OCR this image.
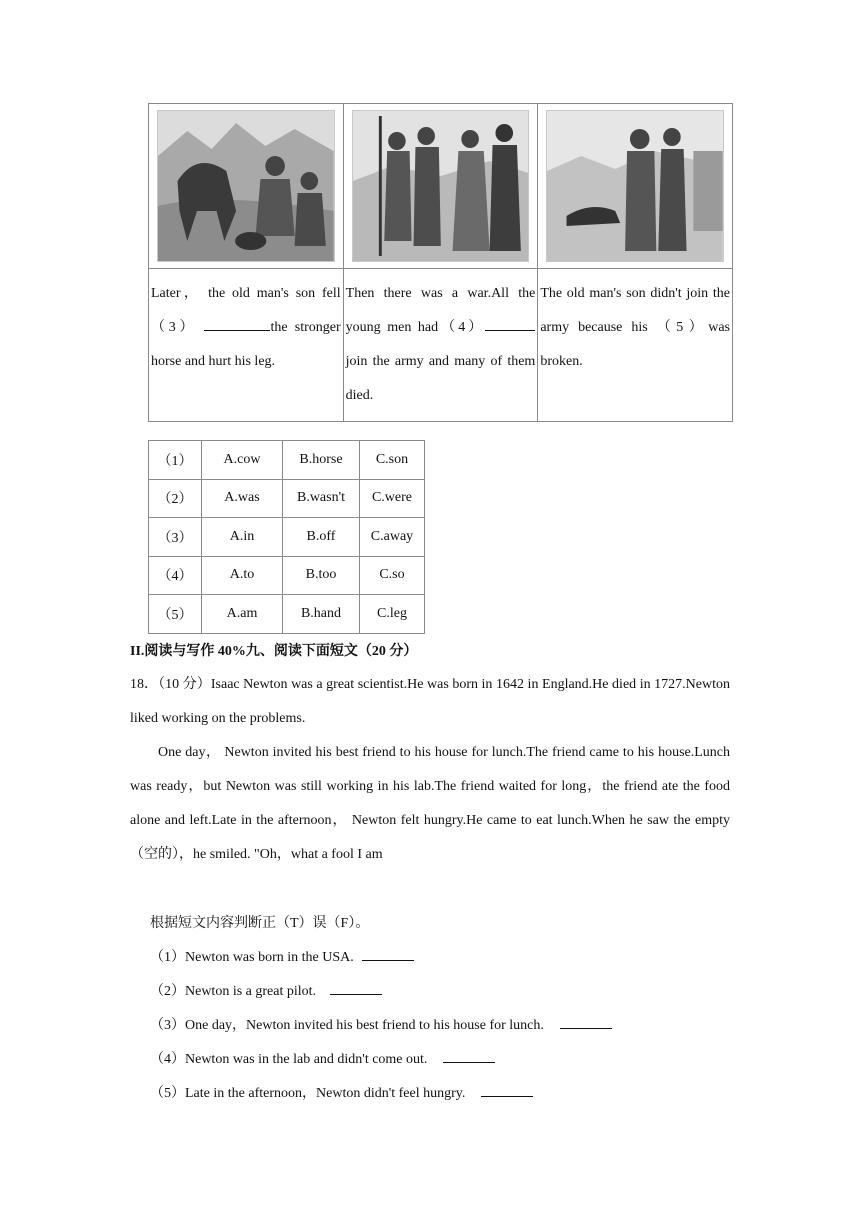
Later， the old man's son fell（3） the stronger horse and hurt his leg.	Then there was a war.All the young men had（4）join the army and many of them died.	The old man's son didn't join the army because his （5）was broken.
（1）	A.cow	B.horse	C.son
（2）	A.was	B.wasn't	C.were
（3）	A.in	B.off	C.away
（4）	A.to	B.too	C.so
（5）	A.am	B.hand	C.leg
II.阅读与写作 40%九、阅读下面短文（20 分）
18．（10 分）Isaac Newton was a great scientist.He was born in 1642 in England.He died in 1727.Newton liked working on the problems.
One day， Newton invited his best friend to his house for lunch.The friend came to his house.Lunch was ready，but Newton was still working in his lab.The friend waited for long，the friend ate the food alone and left.Late in the afternoon， Newton felt hungry.He came to eat lunch.When he saw the empty （空的），he smiled. "Oh，what a fool I am
根据短文内容判断正（T）误（F）。
（1）Newton was born in the USA.
（2）Newton is a great pilot.
（3）One day，Newton invited his best friend to his house for lunch.
（4）Newton was in the lab and didn't come out.
（5）Late in the afternoon，Newton didn't feel hungry.
